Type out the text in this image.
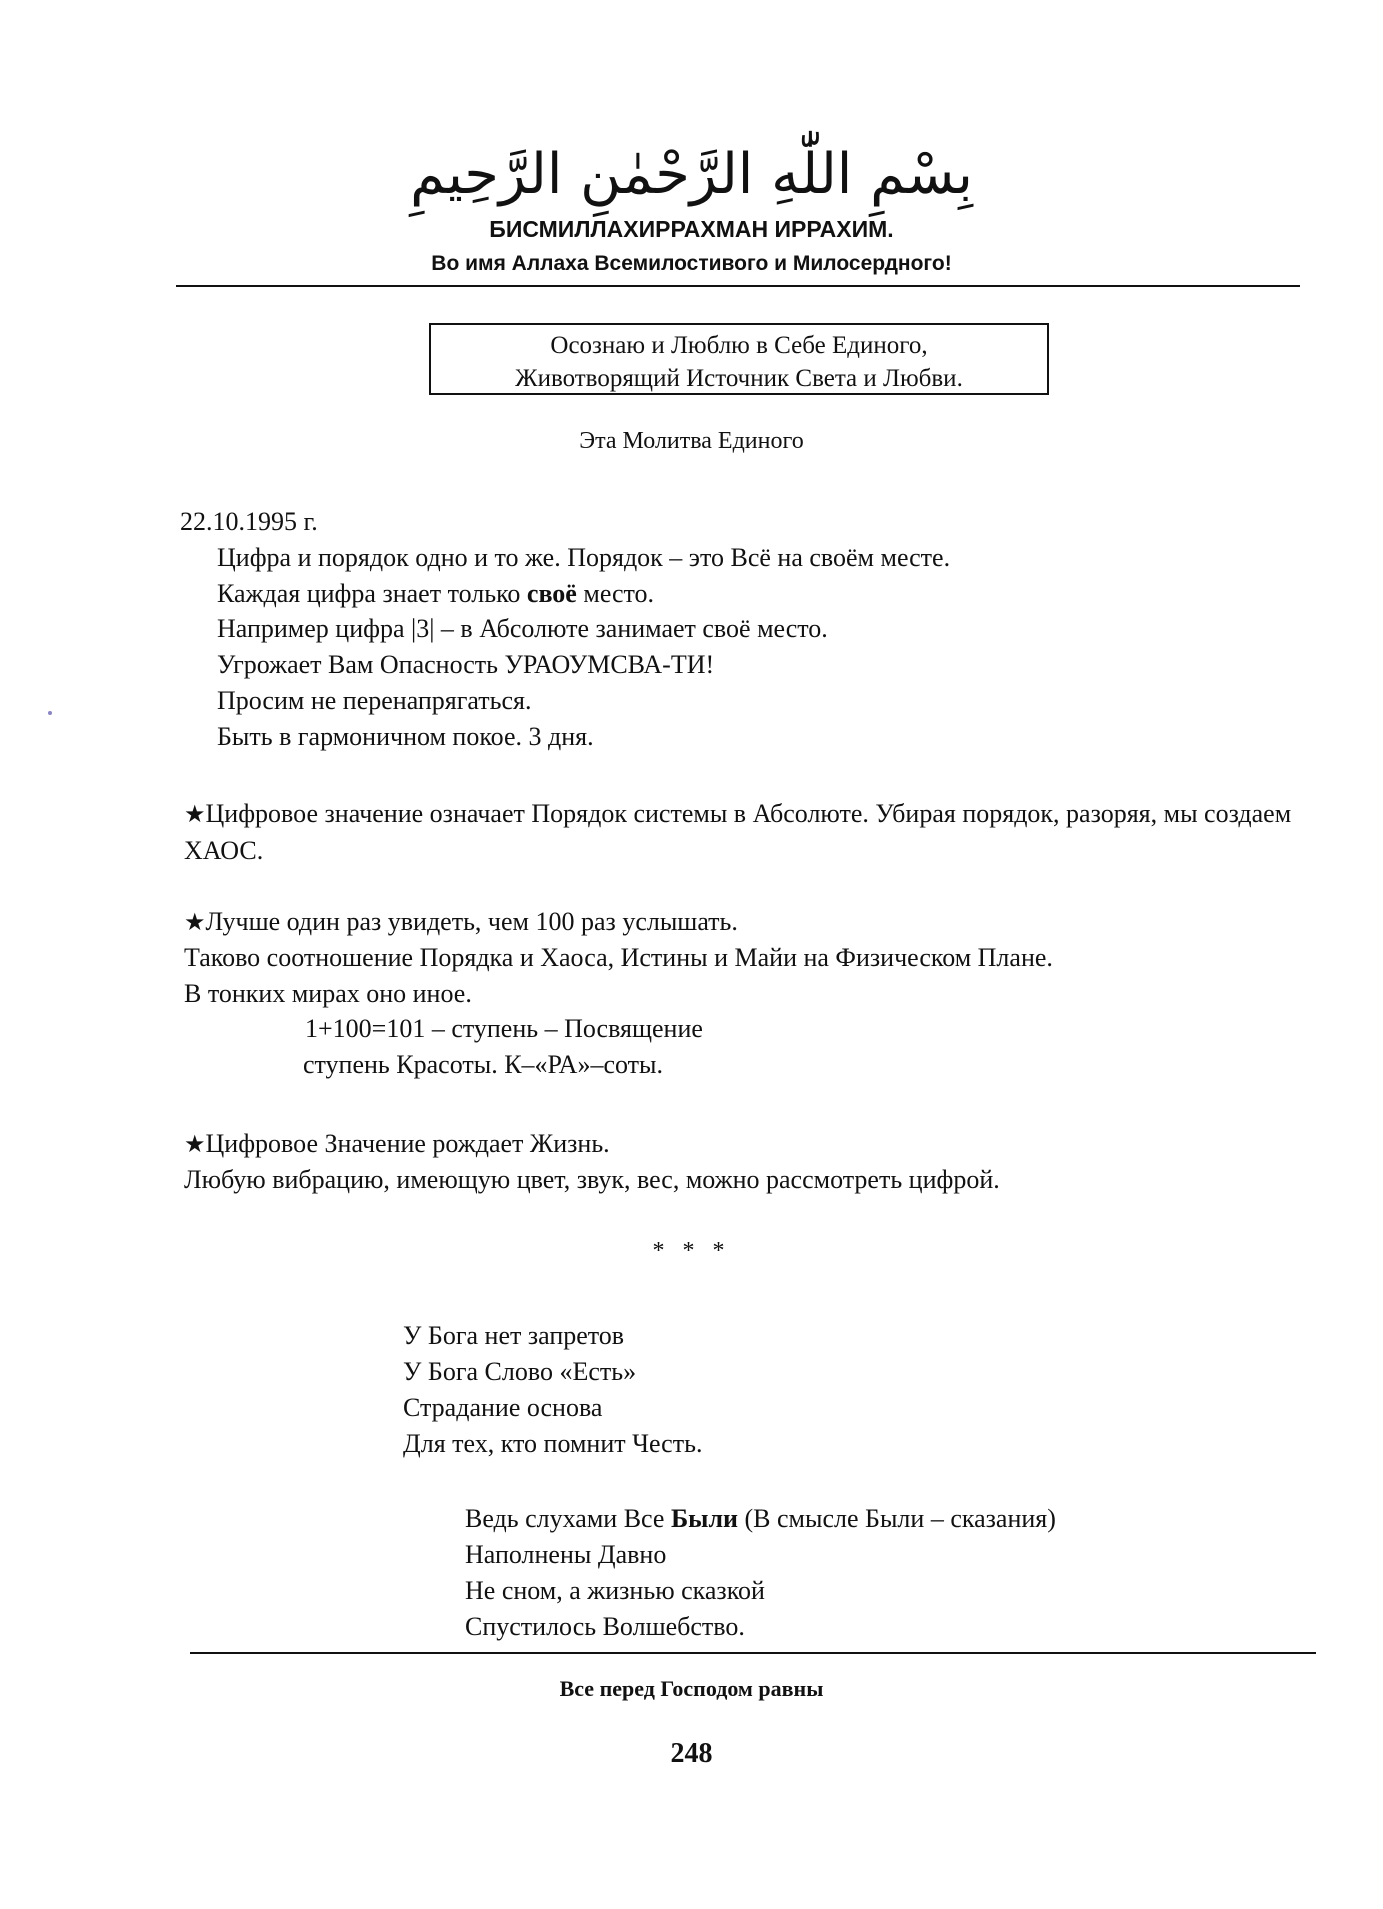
بِسْمِ اللّٰهِ الرَّحْمٰنِ الرَّحِيمِ
БИСМИЛЛАХИРРАХМАН ИРРАХИМ.
Во имя Аллаха Всемилостивого и Милосердного!
Осознаю и Люблю в Себе Единого,
Животворящий Источник Света и Любви.
Эта Молитва Единого
22.10.1995 г.
Цифра и порядок одно и то же. Порядок – это Всё на своём месте.
Каждая цифра знает только своё место.
Например цифра |3| – в Абсолюте занимает своё место.
Угрожает Вам Опасность УРАОУМСВА-ТИ!
Просим не перенапрягаться.
Быть в гармоничном покое. 3 дня.
★Цифровое значение означает Порядок системы в Абсолюте. Убирая порядок, разоряя, мы создаем ХАОС.
★Лучше один раз увидеть, чем 100 раз услышать.
Таково соотношение Порядка и Хаоса, Истины и Майи на Физическом Плане.
В тонких мирах оно иное.
1+100=101 – ступень – Посвящение
ступень Красоты. К–«РА»–соты.
★Цифровое Значение рождает Жизнь.
Любую вибрацию, имеющую цвет, звук, вес, можно рассмотреть цифрой.
* * *
У Бога нет запретов
У Бога Слово «Есть»
Страдание основа
Для тех, кто помнит Честь.
Ведь слухами Все Были (В смысле Были – сказания)
Наполнены Давно
Не сном, а жизнью сказкой
Спустилось Волшебство.
Все перед Господом равны
248
